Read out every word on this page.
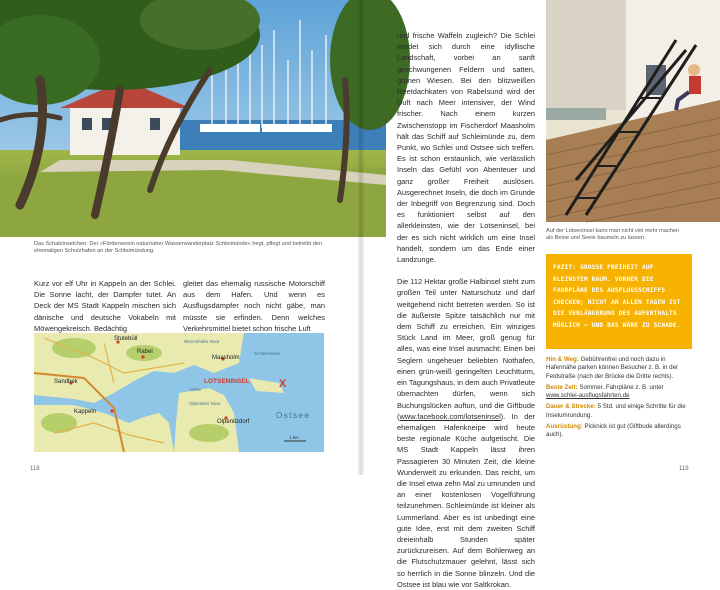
Das Schatzinselchen: Der »Förderverein naturnaher Wasserwanderplatz Schleimünde« hegt, pflegt und betreibt den ehemaligen Schutzhafen an der Schleimündung.

Kurz vor elf Uhr in Kappeln an der Schlei. Die Sonne lacht, der Dampfer tutet. An Deck der MS Stadt Kappeln mischen sich dänische und deutsche Vokabeln mit Möwengekreisch. Bedächtig

gleitet das ehemalig russische Motorschiff aus dem Hafen. Und wenn es Ausflugsdampfer noch nicht gäbe, man müsste sie erfinden. Denn welches Verkehrsmittel bietet schon frische Luft

X
LOTSENINSEL
Stutebüll
Rabel
Maasholm
Sandbek
Kappeln
Olpenitzdorf
Wormshöfer Noor
Oehe
Olpenitzer Noor
Schleimünde
Ostsee
1 km

und frische Waffeln zugleich? Die Schlei windet sich durch eine idyllische Landschaft, vorbei an sanft geschwungenen Feldern und satten, grünen Wiesen. Bei den blitzweißen Reetdachkaten von Rabelsund wird der Duft nach Meer intensiver, der Wind frischer. Nach einem kurzen Zwischenstopp im Fischerdorf Maasholm hält das Schiff auf Schleimünde zu, dem Punkt, wo Schlei und Ostsee sich treffen. Es ist schon erstaunlich, wie verlässlich Inseln das Gefühl von Abenteuer und ganz großer Freiheit auslösen. Ausgerechnet Inseln, die doch im Grunde der Inbegriff von Begrenzung sind. Doch es funktioniert selbst auf den allerkleinsten, wie der Lotseninsel, bei der es sich nicht wirklich um eine Insel handelt, sondern um das Ende einer Landzunge.

Die 112 Hektar große Halbinsel steht zum großen Teil unter Naturschutz und darf weitgehend nicht betreten werden. So ist die äußerste Spitze tatsächlich nur mit dem Schiff zu erreichen. Ein winziges Stück Land im Meer, groß genug für alles, was eine Insel ausmacht: Einen bei Seglern ungeheuer beliebten Nothafen, einen grün-weiß geringelten Leuchtturm, ein Tagungshaus, in dem auch Privatleute übernachten dürfen, wenn sich Buchungslücken auftun, und die Giftbude (www.facebook.com/lotseninsel). In der ehemaligen Hafenkneipe wird heute beste regionale Küche aufgetischt. Die MS Stadt Kappeln lässt ihren Passagieren 30 Minuten Zeit, die kleine Wunderwelt zu erkunden. Das reicht, um die Insel etwa zehn Mal zu umrunden und an einer kostenlosen Vogelführung teilzunehmen. Schleimünde ist kleiner als Lummerland. Aber es ist unbedingt eine gute Idee, erst mit dem zweiten Schiff dreieinhalb Stunden später zurückzureisen. Auf dem Bohlenweg an die Flutschutzmauer gelehnt, lässt sich so herrlich in die Sonne blinzeln. Und die Ostsee ist blau wie vor Saltkrokan.

Auf der Lotseninsel kann man nicht viel mehr machen als Beine und Seele baumeln zu lassen.
FAZIT: GROSSE FREIHEIT AUF KLEINSTEM RAUM. VORHER DIE FAHRPLÄNE DES AUSFLUGSSCHIFFS CHECKEN; NICHT AN ALLEN TAGEN IST DIE VERLÄNGERUNG DES AUFENTHALTS MÖGLICH – UND DAS WÄRE ZU SCHADE.
Hin & Weg: Gebührenfrei und noch dazu in Hafennähe parken können Besucher z. B. in der Feldstraße (nach der Brücke die Dritte rechts).
Beste Zeit: Sommer. Fahrpläne z. B. unter www.schlei-ausflugsfahrten.de
Dauer & Strecke: 5 Std. und einige Schritte für die Inselumrundung.
Ausrüstung: Picknick ist gut (Giftbude allerdings auch).
118	119
